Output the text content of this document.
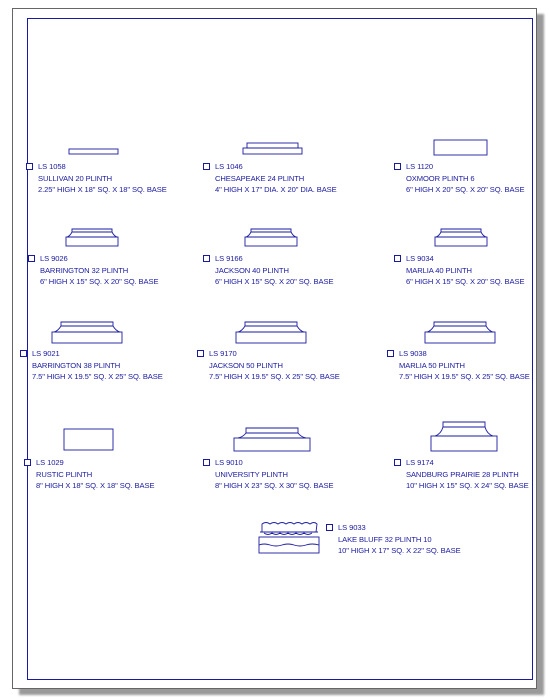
LS 1058
SULLIVAN 20 PLINTH
2.25" HIGH X 18" SQ. X 18" SQ. BASE
LS 1046
CHESAPEAKE 24 PLINTH
4" HIGH X 17" DIA. X 20" DIA. BASE
LS 1120
OXMOOR PLINTH 6
6" HIGH X 20" SQ. X 20" SQ. BASE
LS 9026
BARRINGTON 32 PLINTH
6" HIGH X 15" SQ. X 20" SQ. BASE
LS 9166
JACKSON 40 PLINTH
6" HIGH X 15" SQ. X 20" SQ. BASE
LS 9034
MARLIA 40 PLINTH
6" HIGH X 15" SQ. X 20" SQ. BASE
LS 9021
BARRINGTON 38 PLINTH
7.5" HIGH X 19.5" SQ. X 25" SQ. BASE
LS 9170
JACKSON 50 PLINTH
7.5" HIGH X 19.5" SQ. X 25" SQ. BASE
LS 9038
MARLIA 50 PLINTH
7.5" HIGH X 19.5" SQ. X 25" SQ. BASE
LS 1029
RUSTIC PLINTH
8" HIGH X 18" SQ. X 18" SQ. BASE
LS 9010
UNIVERSITY PLINTH
8" HIGH X 23" SQ. X 30" SQ. BASE
LS 9174
SANDBURG PRAIRIE 28 PLINTH
10" HIGH X 15" SQ. X 24" SQ. BASE
LS 9033
LAKE BLUFF 32 PLINTH 10
10" HIGH X 17" SQ. X 22" SQ. BASE
